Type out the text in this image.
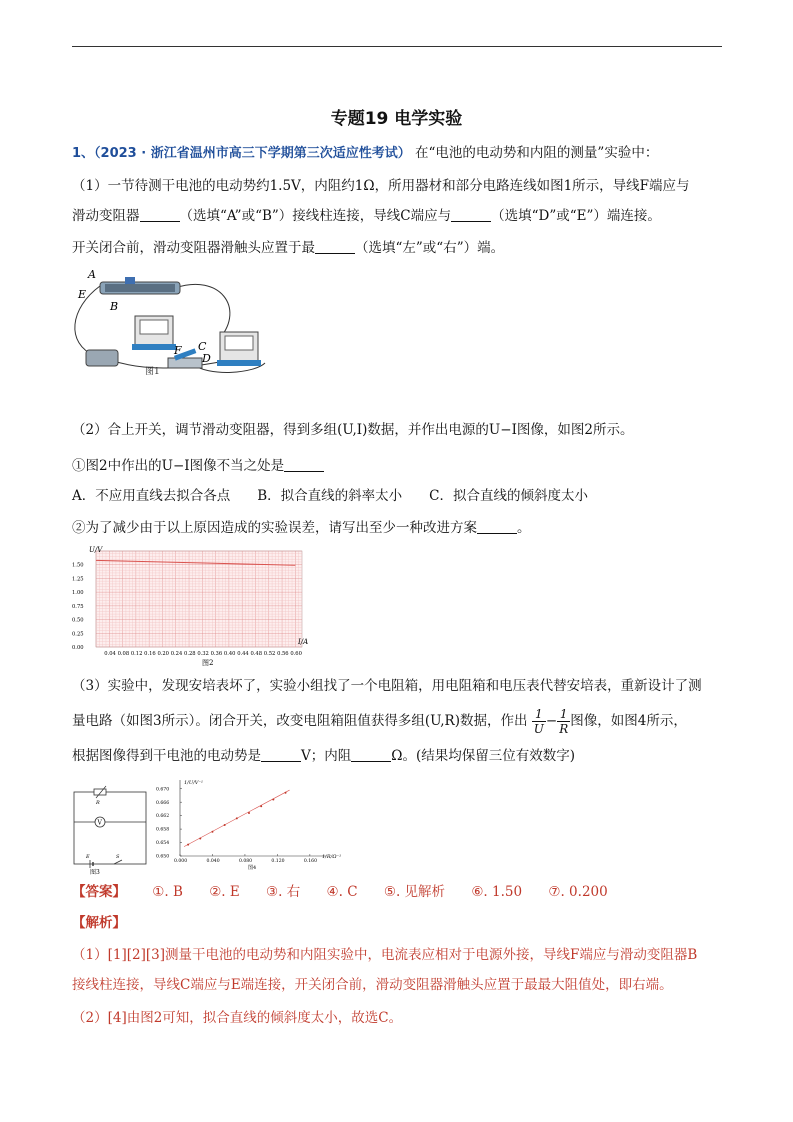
专题19 电学实验
1、（2023 · 浙江省温州市高三下学期第三次适应性考试） 在“电池的电动势和内阻的测量”实验中：
（1）一节待测干电池的电动势约1.5V，内阻约1Ω，所用器材和部分电路连线如图1所示，导线F端应与
滑动变阻器	（选填“A”或“B”）接线柱连接，导线C端应与	（选填“D”或“E”）端连接。
开关闭合前，滑动变阻器滑触头应置于最	（选填“左”或“右”）端。
A
E
B
C
D
F
图1
（2）合上开关，调节滑动变阻器，得到多组(U,I)数据，并作出电源的U−I图像，如图2所示。
①图2中作出的U−I图像不当之处是
A．不应用直线去拟合各点　　B．拟合直线的斜率太小　　C．拟合直线的倾斜度太小
②为了减少由于以上原因造成的实验误差，请写出至少一种改进方案	。
0.04 0.08 0.12 0.16 0.20 0.24 0.28 0.32 0.36 0.40 0.44 0.48 0.52 0.56 0.60
0.00
0.25
0.50
0.75
1.00
1.25
1.50
U/V
I/A
图2
（3）实验中，发现安培表坏了，实验小组找了一个电阻箱，用电阻箱和电压表代替安培表，重新设计了测
量电路（如图3所示）。闭合开关，改变电阻箱阻值获得多组(U,R)数据，作出 $\frac{1}{U} - \frac{1}{R}$ 图像，如图4所示，
根据图像得到干电池的电动势是	V；内阻	Ω。(结果均保留三位有效数字)
V
R
E	S
图3
0.000	0.040	0.080	0.120	0.160
0.650
0.654
0.658
0.662
0.666
0.670
1/U/V⁻¹
1/R/Ω⁻¹
图4
【答案】 ①. B ②. E ③. 右 ④. C ⑤. 见解析 ⑥. 1.50 ⑦. 0.200
【解析】
（1）[1][2][3]测量干电池的电动势和内阻实验中，电流表应相对于电源外接，导线F端应与滑动变阻器B
接线柱连接，导线C端应与E端连接，开关闭合前，滑动变阻器滑触头应置于最最大阻值处，即右端。
（2）[4]由图2可知，拟合直线的倾斜度太小，故选C。
